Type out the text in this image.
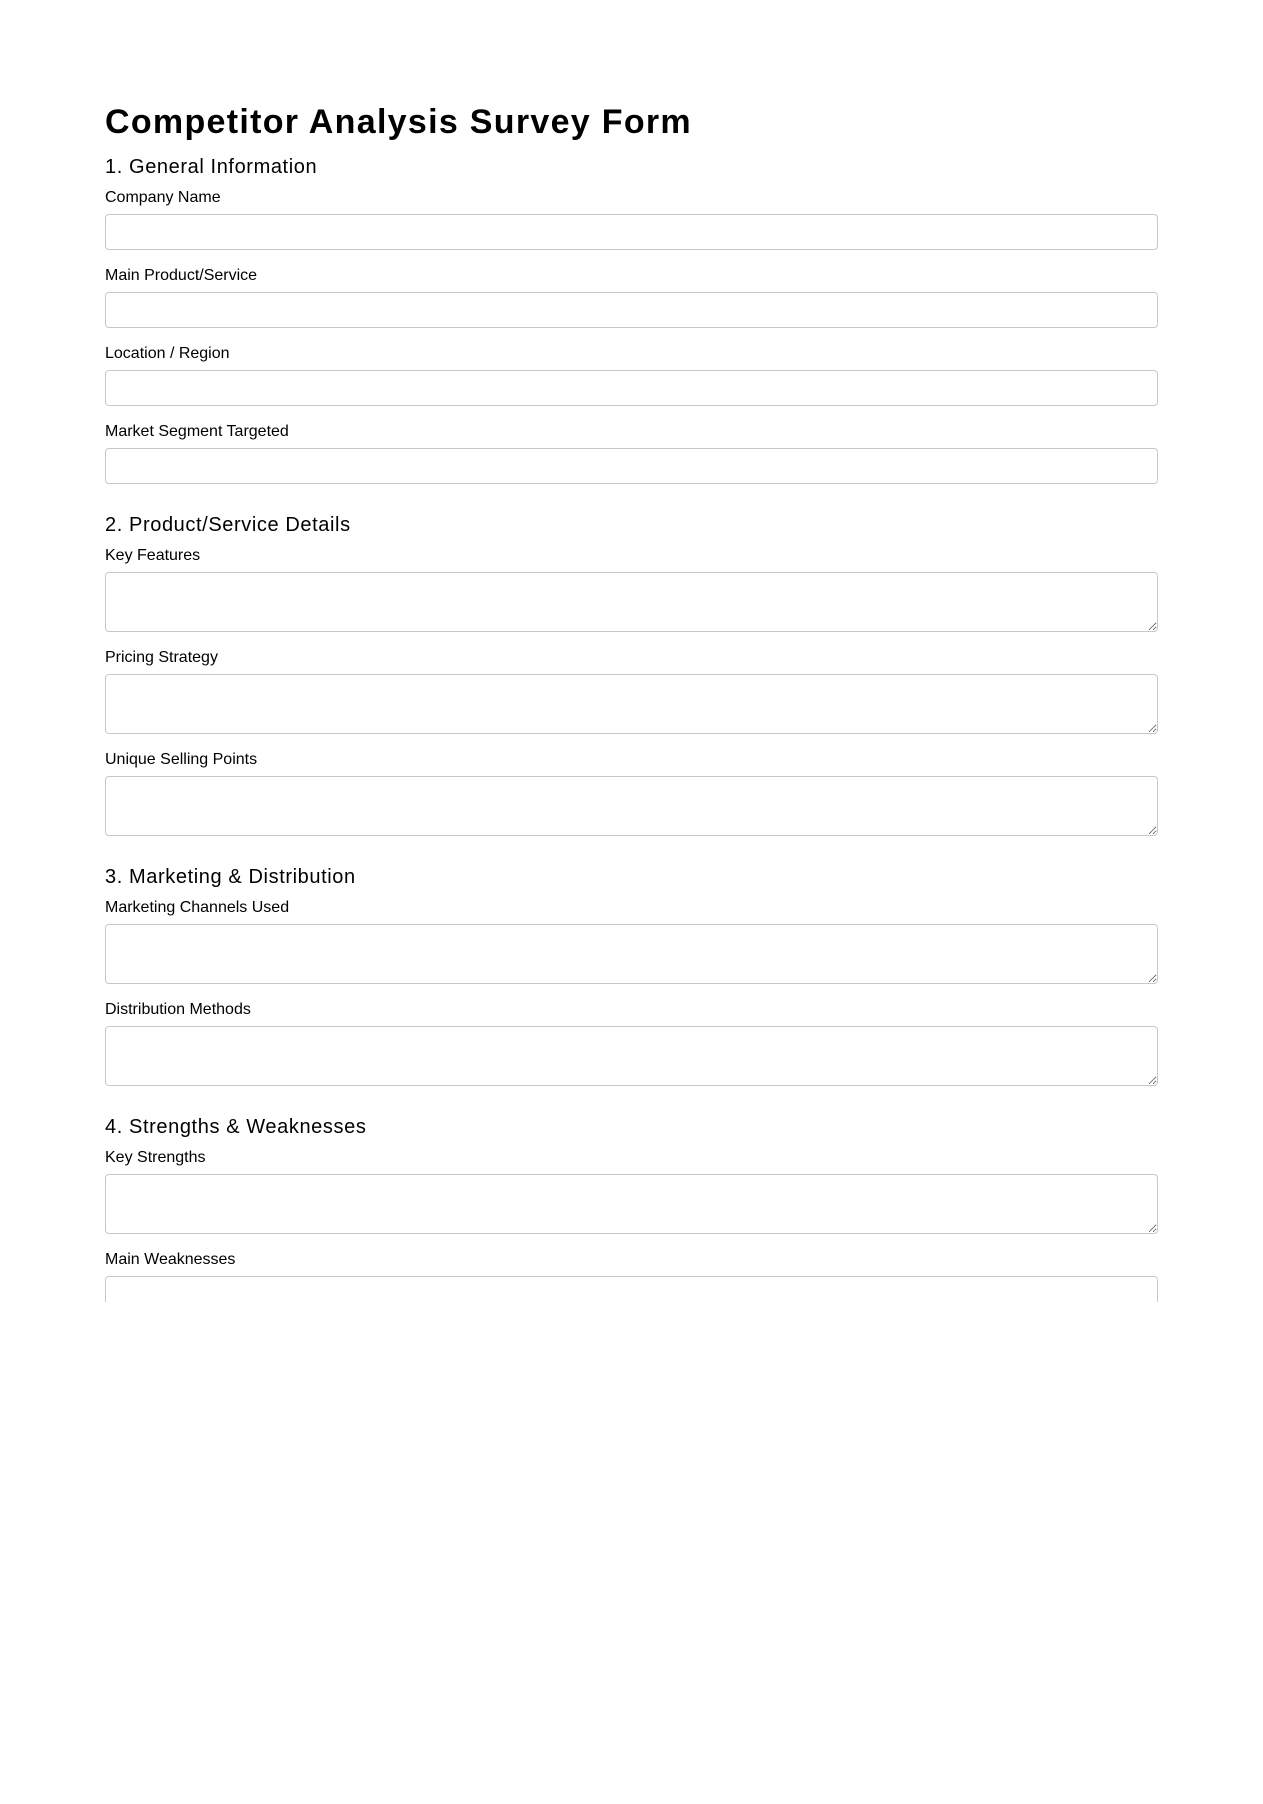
Competitor Analysis Survey Form
1. General Information
Company Name
Main Product/Service
Location / Region
Market Segment Targeted
2. Product/Service Details
Key Features
Pricing Strategy
Unique Selling Points
3. Marketing & Distribution
Marketing Channels Used
Distribution Methods
4. Strengths & Weaknesses
Key Strengths
Main Weaknesses
